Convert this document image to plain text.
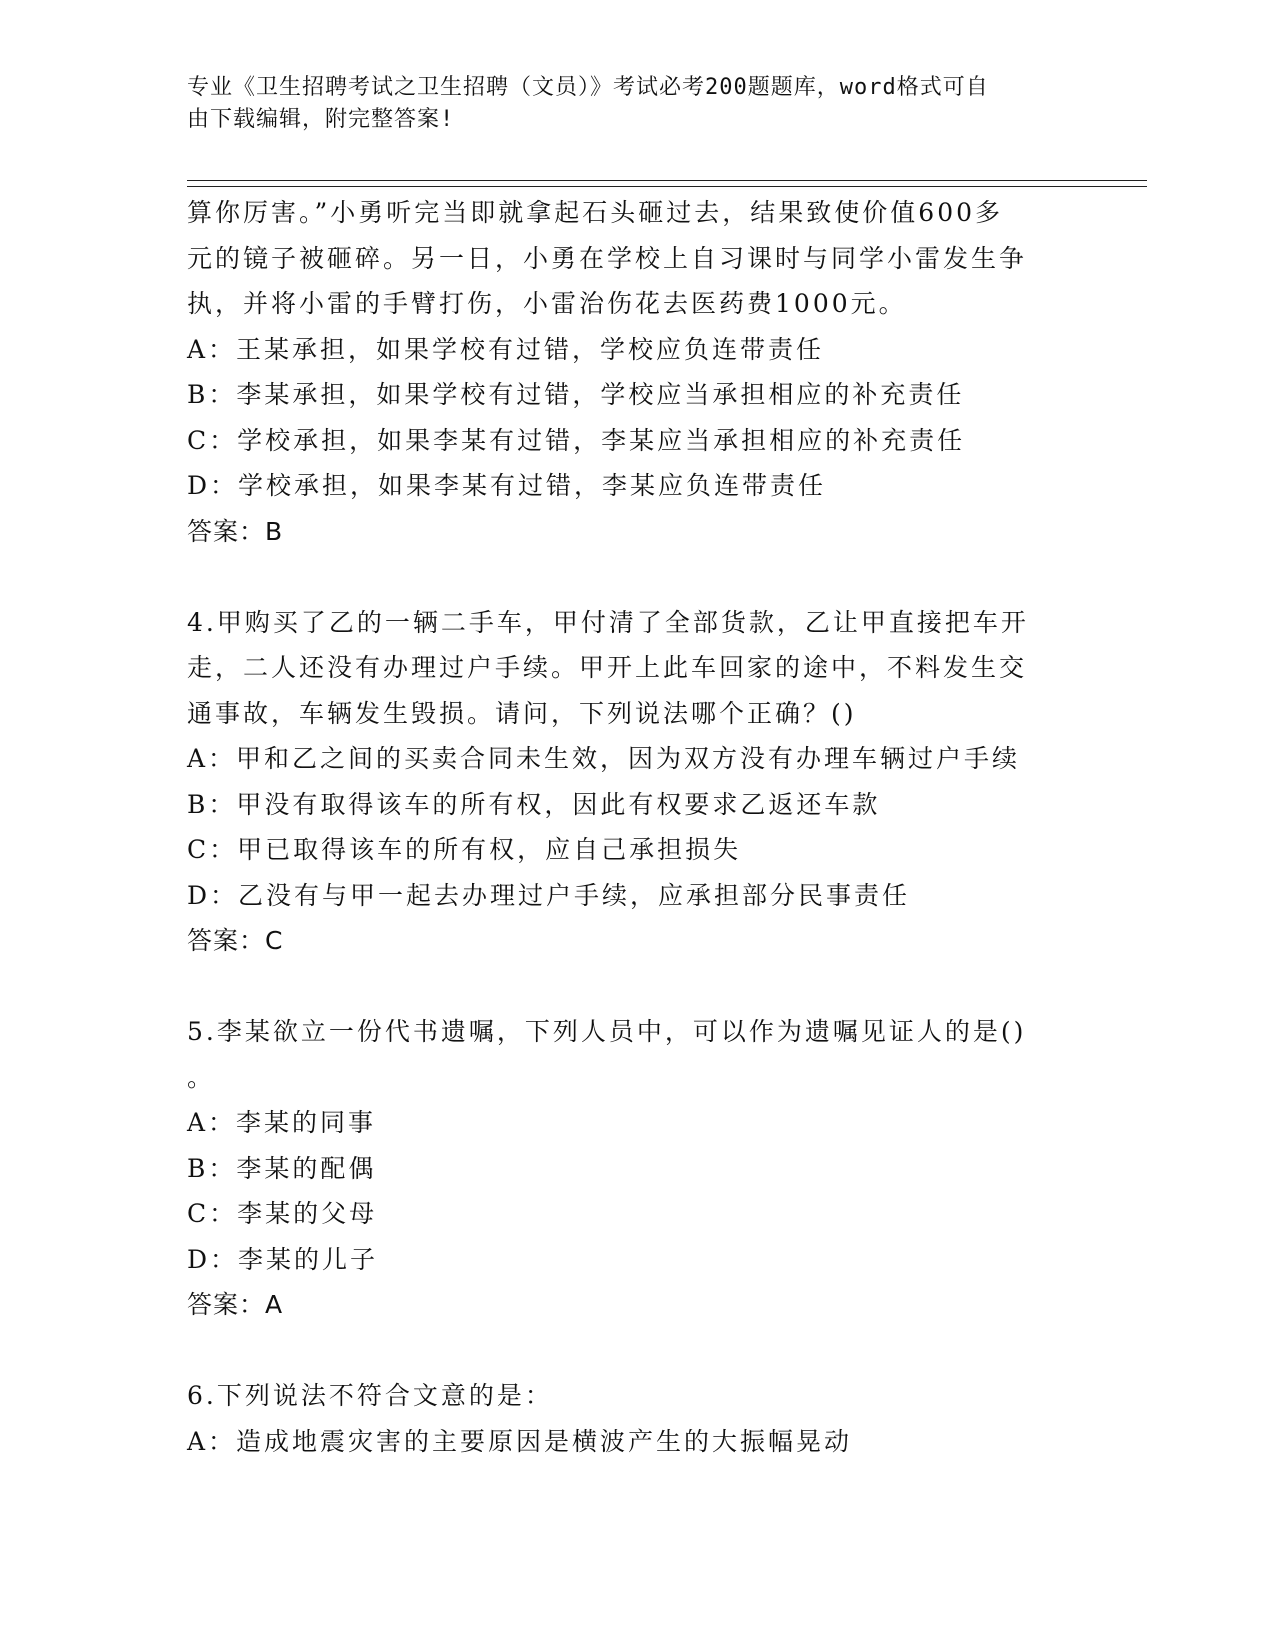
专业《卫生招聘考试之卫生招聘（文员）》考试必考200题题库，word格式可自
由下载编辑，附完整答案!
算你厉害。”小勇听完当即就拿起石头砸过去，结果致使价值600多
元的镜子被砸碎。另一日，小勇在学校上自习课时与同学小雷发生争
执，并将小雷的手臂打伤，小雷治伤花去医药费1000元。
A：王某承担，如果学校有过错，学校应负连带责任
B：李某承担，如果学校有过错，学校应当承担相应的补充责任
C：学校承担，如果李某有过错，李某应当承担相应的补充责任
D：学校承担，如果李某有过错，李某应负连带责任
答案：B
4.甲购买了乙的一辆二手车，甲付清了全部货款，乙让甲直接把车开
走，二人还没有办理过户手续。甲开上此车回家的途中，不料发生交
通事故，车辆发生毁损。请问，下列说法哪个正确？()
A：甲和乙之间的买卖合同未生效，因为双方没有办理车辆过户手续
B：甲没有取得该车的所有权，因此有权要求乙返还车款
C：甲已取得该车的所有权，应自己承担损失
D：乙没有与甲一起去办理过户手续，应承担部分民事责任
答案：C
5.李某欲立一份代书遗嘱，下列人员中，可以作为遗嘱见证人的是()
。
A：李某的同事
B：李某的配偶
C：李某的父母
D：李某的儿子
答案：A
6.下列说法不符合文意的是：
A：造成地震灾害的主要原因是横波产生的大振幅晃动
